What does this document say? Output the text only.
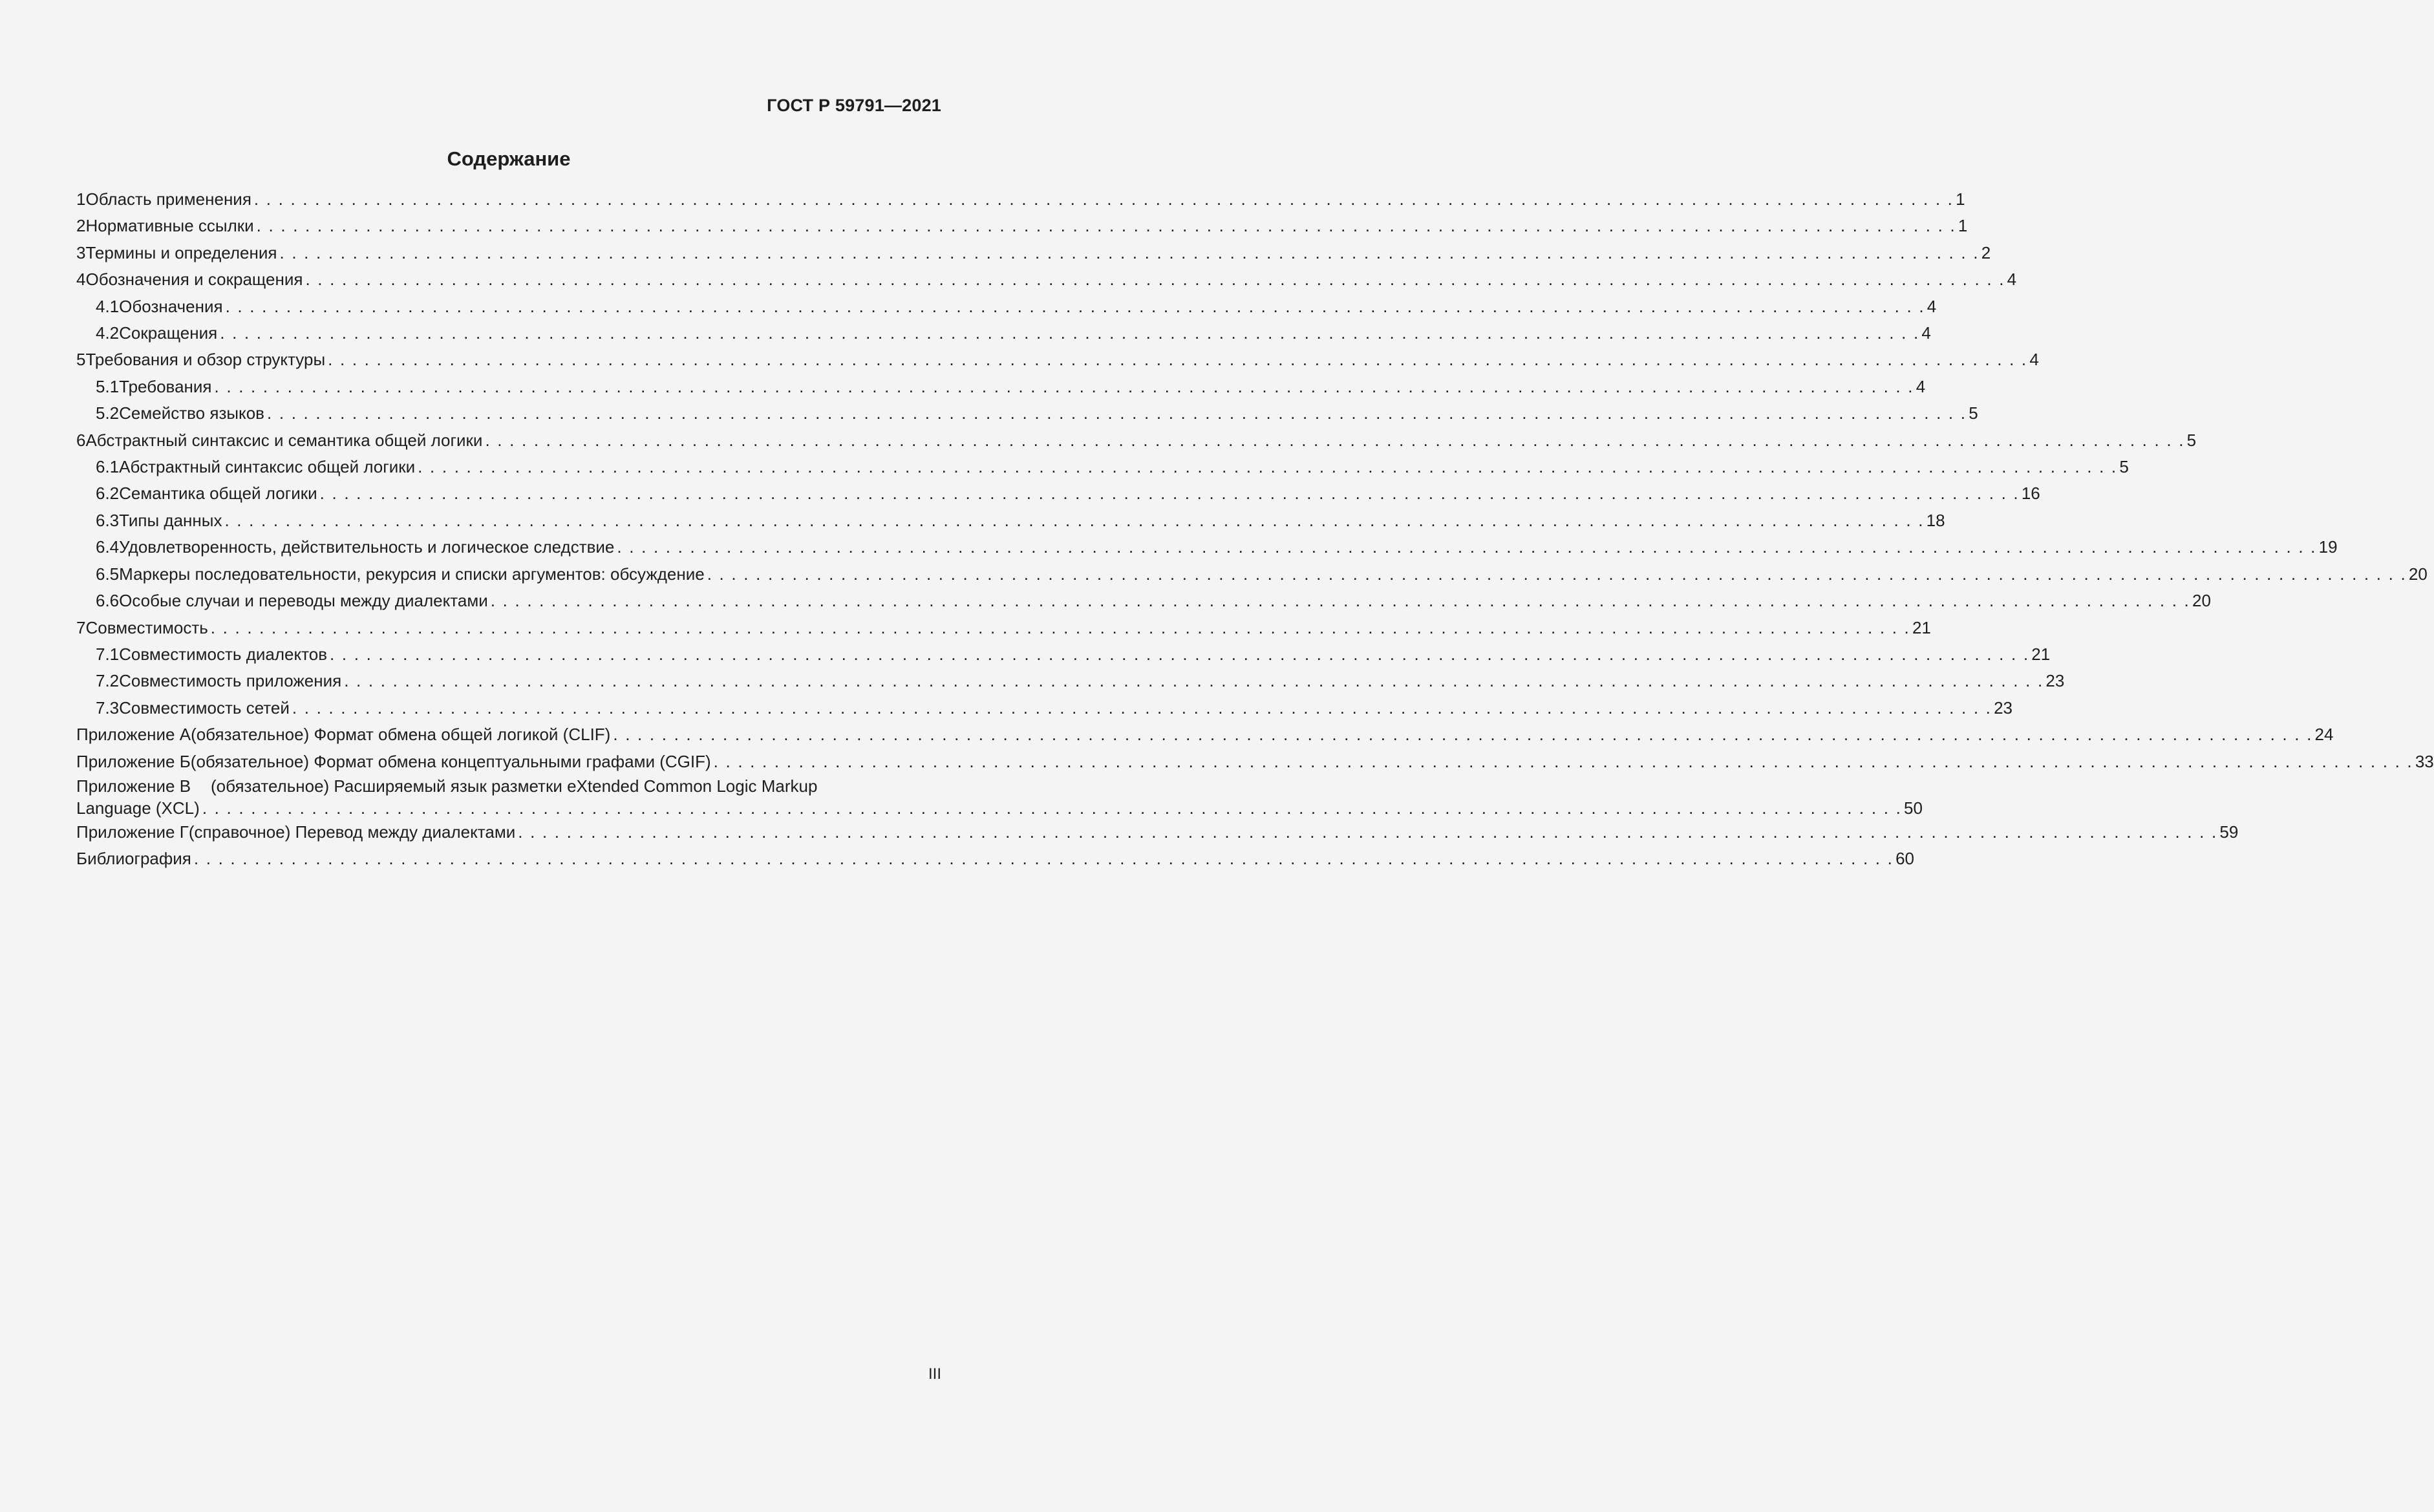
ГОСТ Р 59791—2021
Содержание
1 Область применения . . . . . . . . . . . . . . . . . . . . . . . . . . . . . . . . . . . . . . . . . . . . . . . . . . . . . . . . . . . . . . . . . . . . . . . . . . . . . . . . . . . . . . . . . . . . . . . . . . . . . . . . . . . . . . . . . . . . . . . . . . . . . . . . . . . . . . . . . . . . 1
2 Нормативные ссылки . . . . . . . . . . . . . . . . . . . . . . . . . . . . . . . . . . . . . . . . . . . . . . . . . . . . . . . . . . . . . . . . . . . . . . . . . . . . . . . . . . . . . . . . . . . . . . . . . . . . . . . . . . . . . . . . . . . . . . . . . . . . . . . . . . . . . . . . . . . . 1
3 Термины и определения . . . . . . . . . . . . . . . . . . . . . . . . . . . . . . . . . . . . . . . . . . . . . . . . . . . . . . . . . . . . . . . . . . . . . . . . . . . . . . . . . . . . . . . . . . . . . . . . . . . . . . . . . . . . . . . . . . . . . . . . . . . . . . . . . . . . . . . . . . . . 2
4 Обозначения и сокращения . . . . . . . . . . . . . . . . . . . . . . . . . . . . . . . . . . . . . . . . . . . . . . . . . . . . . . . . . . . . . . . . . . . . . . . . . . . . . . . . . . . . . . . . . . . . . . . . . . . . . . . . . . . . . . . . . . . . . . . . . . . . . . . . . . . . . . . . . . . . 4
4.1 Обозначения . . . . . . . . . . . . . . . . . . . . . . . . . . . . . . . . . . . . . . . . . . . . . . . . . . . . . . . . . . . . . . . . . . . . . . . . . . . . . . . . . . . . . . . . . . . . . . . . . . . . . . . . . . . . . . . . . . . . . . . . . . . . . . . . . . . . . . . . . . . . 4
4.2 Сокращения . . . . . . . . . . . . . . . . . . . . . . . . . . . . . . . . . . . . . . . . . . . . . . . . . . . . . . . . . . . . . . . . . . . . . . . . . . . . . . . . . . . . . . . . . . . . . . . . . . . . . . . . . . . . . . . . . . . . . . . . . . . . . . . . . . . . . . . . . . . . 4
5 Требования и обзор структуры . . . . . . . . . . . . . . . . . . . . . . . . . . . . . . . . . . . . . . . . . . . . . . . . . . . . . . . . . . . . . . . . . . . . . . . . . . . . . . . . . . . . . . . . . . . . . . . . . . . . . . . . . . . . . . . . . . . . . . . . . . . . . . . . . . . . . . . . . . . . 4
5.1 Требования . . . . . . . . . . . . . . . . . . . . . . . . . . . . . . . . . . . . . . . . . . . . . . . . . . . . . . . . . . . . . . . . . . . . . . . . . . . . . . . . . . . . . . . . . . . . . . . . . . . . . . . . . . . . . . . . . . . . . . . . . . . . . . . . . . . . . . . . . . . . 4
5.2 Семейство языков . . . . . . . . . . . . . . . . . . . . . . . . . . . . . . . . . . . . . . . . . . . . . . . . . . . . . . . . . . . . . . . . . . . . . . . . . . . . . . . . . . . . . . . . . . . . . . . . . . . . . . . . . . . . . . . . . . . . . . . . . . . . . . . . . . . . . . . . . . . . 5
6 Абстрактный синтаксис и семантика общей логики . . . . . . . . . . . . . . . . . . . . . . . . . . . . . . . . . . . . . . . . . . . . . . . . . . . . . . . . . . . . . . . . . . . . . . . . . . . . . . . . . . . . . . . . . . . . . . . . . . . . . . . . . . . . . . . . . . . . . . . . . . . . . . . . . . . . . . . . . . . . 5
6.1 Абстрактный синтаксис общей логики . . . . . . . . . . . . . . . . . . . . . . . . . . . . . . . . . . . . . . . . . . . . . . . . . . . . . . . . . . . . . . . . . . . . . . . . . . . . . . . . . . . . . . . . . . . . . . . . . . . . . . . . . . . . . . . . . . . . . . . . . . . . . . . . . . . . . . . . . . . . 5
6.2 Семантика общей логики . . . . . . . . . . . . . . . . . . . . . . . . . . . . . . . . . . . . . . . . . . . . . . . . . . . . . . . . . . . . . . . . . . . . . . . . . . . . . . . . . . . . . . . . . . . . . . . . . . . . . . . . . . . . . . . . . . . . . . . . . . . . . . . . . . . . . . . . . . . . 16
6.3 Типы данных . . . . . . . . . . . . . . . . . . . . . . . . . . . . . . . . . . . . . . . . . . . . . . . . . . . . . . . . . . . . . . . . . . . . . . . . . . . . . . . . . . . . . . . . . . . . . . . . . . . . . . . . . . . . . . . . . . . . . . . . . . . . . . . . . . . . . . . . . . . . 18
6.4 Удовлетворенность, действительность и логическое следствие . . . . . . . . . . . . . . . . . . . . . . . . . . . . . . . . . . . . . . . . . . . . . . . . . . . . . . . . . . . . . . . . . . . . . . . . . . . . . . . . . . . . . . . . . . . . . . . . . . . . . . . . . . . . . . . . . . . . . . . . . . . . . . . . . . . . . . . . . . . . 19
6.5 Маркеры последовательности, рекурсия и списки аргументов: обсуждение . . . . . . . . . . . . . . . . . . . . . . . . . . . . . . . . . . . . . . . . . . . . . . . . . . . . . . . . . . . . . . . . . . . . . . . . . . . . . . . . . . . . . . . . . . . . . . . . . . . . . . . . . . . . . . . . . . . . . . . . . . . . . . . . . . . . . . . . . . . . 20
6.6 Особые случаи и переводы между диалектами . . . . . . . . . . . . . . . . . . . . . . . . . . . . . . . . . . . . . . . . . . . . . . . . . . . . . . . . . . . . . . . . . . . . . . . . . . . . . . . . . . . . . . . . . . . . . . . . . . . . . . . . . . . . . . . . . . . . . . . . . . . . . . . . . . . . . . . . . . . . 20
7 Совместимость . . . . . . . . . . . . . . . . . . . . . . . . . . . . . . . . . . . . . . . . . . . . . . . . . . . . . . . . . . . . . . . . . . . . . . . . . . . . . . . . . . . . . . . . . . . . . . . . . . . . . . . . . . . . . . . . . . . . . . . . . . . . . . . . . . . . . . . . . . . . 21
7.1 Совместимость диалектов . . . . . . . . . . . . . . . . . . . . . . . . . . . . . . . . . . . . . . . . . . . . . . . . . . . . . . . . . . . . . . . . . . . . . . . . . . . . . . . . . . . . . . . . . . . . . . . . . . . . . . . . . . . . . . . . . . . . . . . . . . . . . . . . . . . . . . . . . . . . 21
7.2 Совместимость приложения . . . . . . . . . . . . . . . . . . . . . . . . . . . . . . . . . . . . . . . . . . . . . . . . . . . . . . . . . . . . . . . . . . . . . . . . . . . . . . . . . . . . . . . . . . . . . . . . . . . . . . . . . . . . . . . . . . . . . . . . . . . . . . . . . . . . . . . . . . . . 23
7.3 Совместимость сетей . . . . . . . . . . . . . . . . . . . . . . . . . . . . . . . . . . . . . . . . . . . . . . . . . . . . . . . . . . . . . . . . . . . . . . . . . . . . . . . . . . . . . . . . . . . . . . . . . . . . . . . . . . . . . . . . . . . . . . . . . . . . . . . . . . . . . . . . . . . . 23
Приложение А (обязательное) Формат обмена общей логикой (CLIF) . . . . . . . . . . . . . . . . . . . . . . . . . . . . . . . . . . . . . . . . . . . . . . . . . . . . . . . . . . . . . . . . . . . . . . . . . . . . . . . . . . . . . . . . . . . . . . . . . . . . . . . . . . . . . . . . . . . . . . . . . . . . . . . . . . . . . . . . . . . . 24
Приложение Б (обязательное) Формат обмена концептуальными графами (CGIF) . . . . . . . . . . . . . . . . . . . . . . . . . . . . . . . . . . . . . . . . . . . . . . . . . . . . . . . . . . . . . . . . . . . . . . . . . . . . . . . . . . . . . . . . . . . . . . . . . . . . . . . . . . . . . . . . . . . . . . . . . . . . . . . . . . . . . . . . . . . . 33
Приложение В (обязательное) Расширяемый язык разметки eXtended Common Logic Markup
Language (XCL) . . . . . . . . . . . . . . . . . . . . . . . . . . . . . . . . . . . . . . . . . . . . . . . . . . . . . . . . . . . . . . . . . . . . . . . . . . . . . . . . . . . . . . . . . . . . . . . . . . . . . . . . . . . . . . . . . . . . . . . . . . . . . . . . . . . . . . . . . . . . 50
Приложение Г (справочное) Перевод между диалектами . . . . . . . . . . . . . . . . . . . . . . . . . . . . . . . . . . . . . . . . . . . . . . . . . . . . . . . . . . . . . . . . . . . . . . . . . . . . . . . . . . . . . . . . . . . . . . . . . . . . . . . . . . . . . . . . . . . . . . . . . . . . . . . . . . . . . . . . . . . . 59
Библиография . . . . . . . . . . . . . . . . . . . . . . . . . . . . . . . . . . . . . . . . . . . . . . . . . . . . . . . . . . . . . . . . . . . . . . . . . . . . . . . . . . . . . . . . . . . . . . . . . . . . . . . . . . . . . . . . . . . . . . . . . . . . . . . . . . . . . . . . . . . . 60
III
